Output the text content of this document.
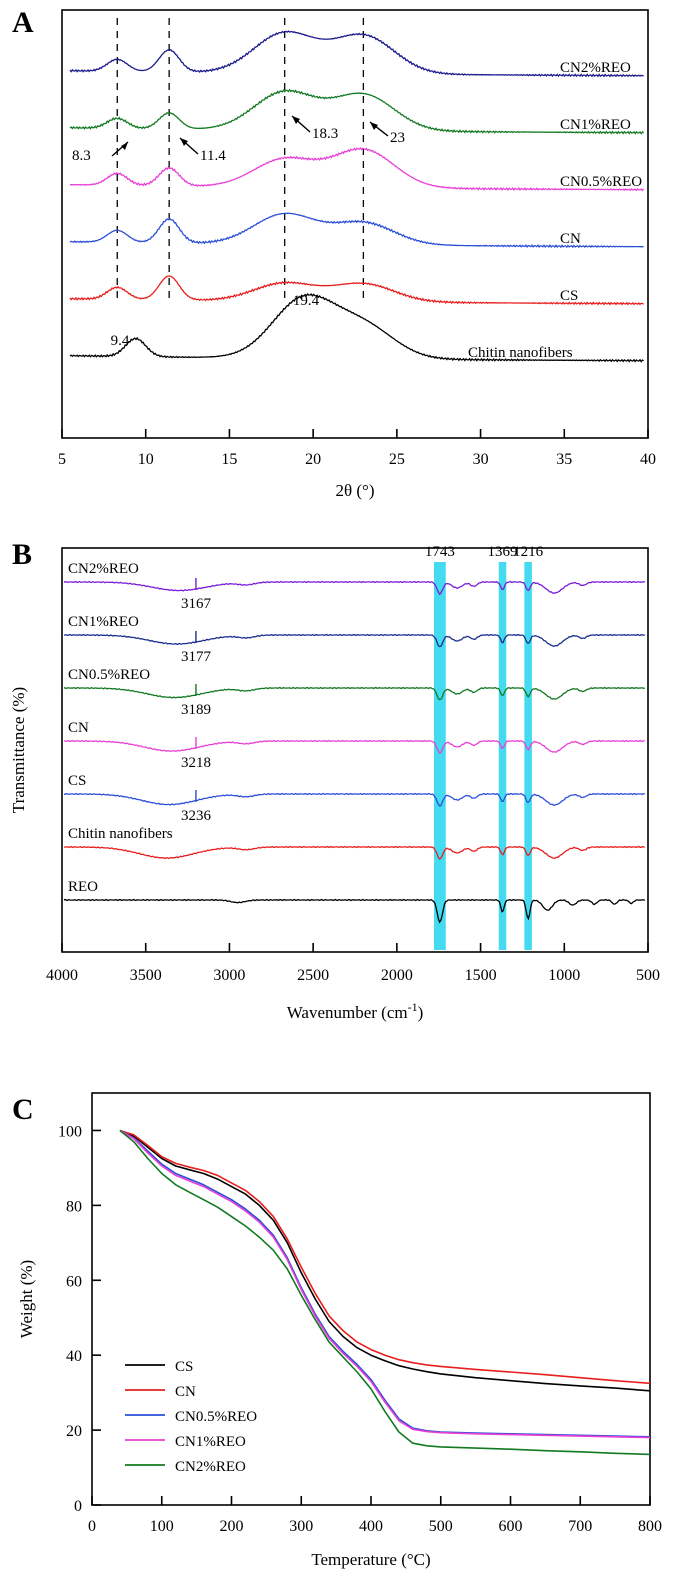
A
5	10	15	20	25	30	35	40
2θ (°)
CN2%REO
CN1%REO
CN0.5%REO
CN
CS
Chitin nanofibers
8.3	11.4
18.3	23
9.4
19.4
B	1743 1369
1216
4000	3500	3000	2500	2000	1500	1000	500
Wavenumber $(cm^{-1})$
Transmittance (%)
CN2%REO
3167
CN1%REO
3177
CN0.5%REO
3189
CN
3218
CS
3236
Chitin nanofibers
REO
C
0	100	200	300	400	500	600	700	800
0
20
40
60
80
100
Temperature (°C)
Weight (%)
CS
CN
CN0.5%REO
CN1%REO
CN2%REO
